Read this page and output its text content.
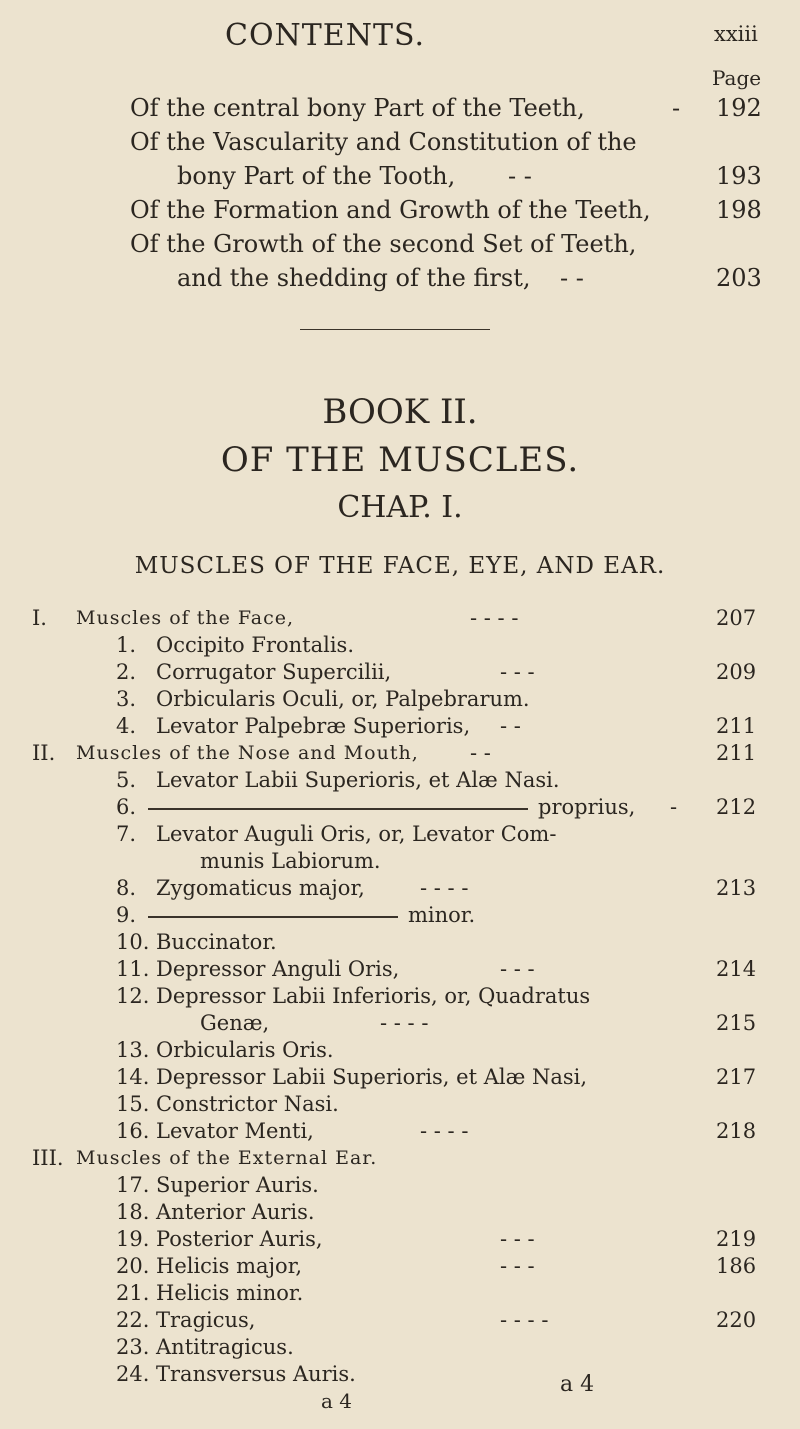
CONTENTS.	xxiii
Page
Of the central bony Part of the Teeth,	- 192
Of the Vascularity and Constitution of the
bony Part of the Tooth, - -	193
Of the Formation and Growth of the Teeth,	198
Of the Growth of the second Set of Teeth,
and the shedding of the first, - -	203
BOOK II.
OF THE MUSCLES.
CHAP. I.
MUSCLES OF THE FACE, EYE, AND EAR.
a 4
I. Muscles of the Face,	- - - -	207
1. Occipito Frontalis.
2. Corrugator Supercilii,	- - -	209
3. Orbicularis Oculi, or, Palpebrarum.
4. Levator Palpebræ Superioris, - -	211
II. Muscles of the Nose and Mouth, - -	211
5. Levator Labii Superioris, et Alæ Nasi.
6.	proprius, - 212
7. Levator Auguli Oris, or, Levator Com-
munis Labiorum.
8. Zygomaticus major,	- - - -	213
9.	minor.
10. Buccinator.
11. Depressor Anguli Oris,	- - -	214
12. Depressor Labii Inferioris, or, Quadratus
Genæ,	- - - -	215
13. Orbicularis Oris.
14. Depressor Labii Superioris, et Alæ Nasi,	217
15. Constrictor Nasi.
16. Levator Menti,	- - - -	218
III. Muscles of the External Ear.
17. Superior Auris.
18. Anterior Auris.
19. Posterior Auris,	- - -	219
20. Helicis major,	- - -	186
21. Helicis minor.
22. Tragicus,	- - - -	220
23. Antitragicus.
24. Transversus Auris.
a 4
